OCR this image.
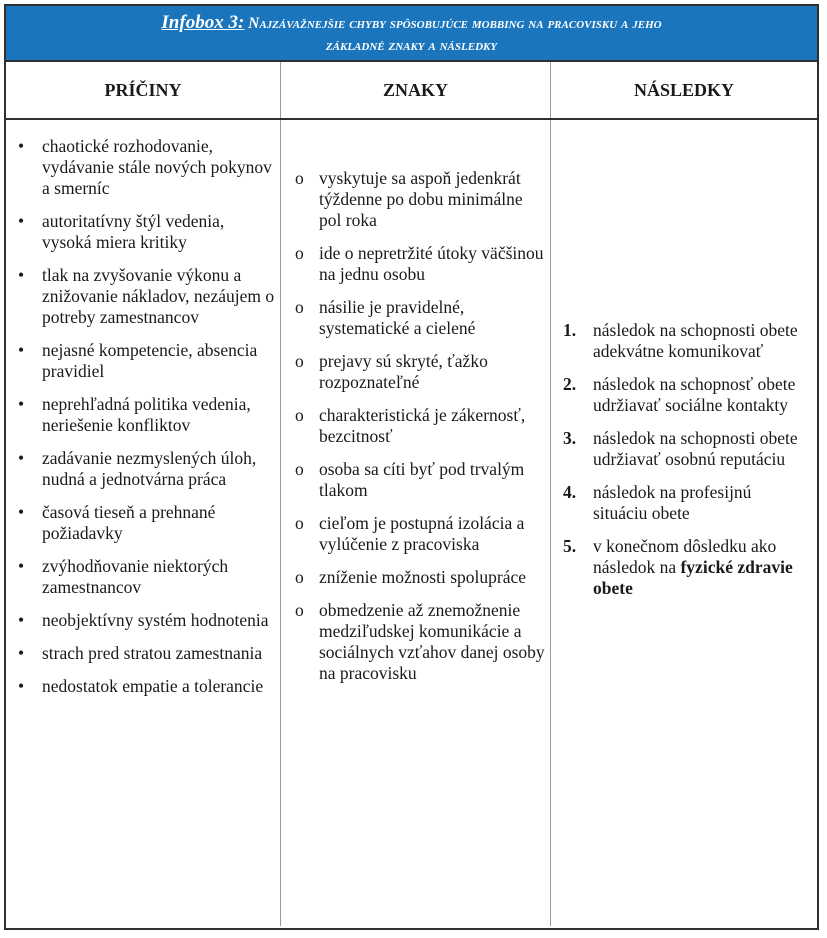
Infobox 3: Najzávažnejšie chyby spôsobujúce mobbing na pracovisku a jeho
základné znaky a následky
PRÍČINY	ZNAKY	NÁSLEDKY
• chaotické rozhodovanie, vydávanie stále nových pokynov a smerníc
• autoritatívny štýl vedenia, vysoká miera kritiky
• tlak na zvyšovanie výkonu a znižovanie nákladov, nezáujem o potreby zamestnancov
• nejasné kompetencie, absencia pravidiel
• neprehľadná politika vedenia, neriešenie konfliktov
• zadávanie nezmyslených úloh, nudná a jednotvárna práca
• časová tieseň a prehnané požiadavky
• zvýhodňovanie niektorých zamestnancov
• neobjektívny systém hodnotenia
• strach pred stratou zamestnania
• nedostatok empatie a tolerancie
o vyskytuje sa aspoň jedenkrát týždenne po dobu minimálne pol roka
o ide o nepretržité útoky väčšinou na jednu osobu
o násilie je pravidelné, systematické a cielené
o prejavy sú skryté, ťažko rozpoznateľné
o charakteristická je zákernosť, bezcitnosť
o osoba sa cíti byť pod trvalým tlakom
o cieľom je postupná izolácia a vylúčenie z pracoviska
o zníženie možnosti spolupráce
o obmedzenie až znemožnenie medziľudskej komunikácie a sociálnych vzťahov danej osoby na pracovisku
1. následok na schopnosti obete adekvátne komunikovať
2. následok na schopnosť obete udržiavať sociálne kontakty
3. následok na schopnosti obete udržiavať osobnú reputáciu
4. následok na profesijnú situáciu obete
5. v konečnom dôsledku ako následok na fyzické zdravie obete
